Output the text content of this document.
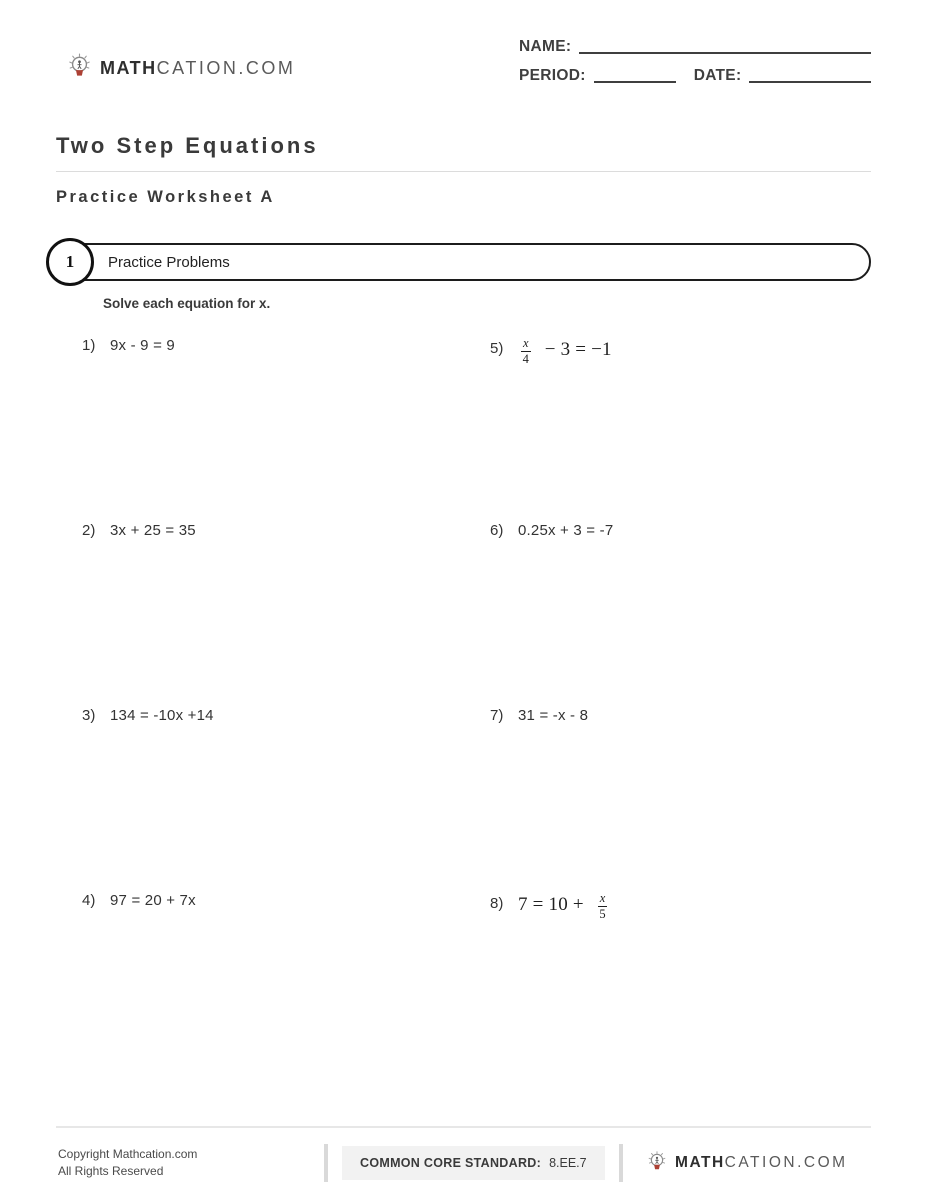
MATHCATION.COM
NAME:
PERIOD:	DATE:
Two Step Equations
Practice Worksheet A
1 Practice Problems

Solve each equation for x.

1) 9x - 9 = 9
2) 3x + 25 = 35
3) 134 = -10x +14
4) 97 = 20 + 7x
5)	$\frac{x}{4} - 3 = -1$
6) 0.25x + 3 = -7
7) 31 = -x - 8
8) $7 = 10 + \frac{x}{5}$
Copyright Mathcation.com
All Rights Reserved
COMMON CORE STANDARD: 8.EE.7	MATHCATION.COM
